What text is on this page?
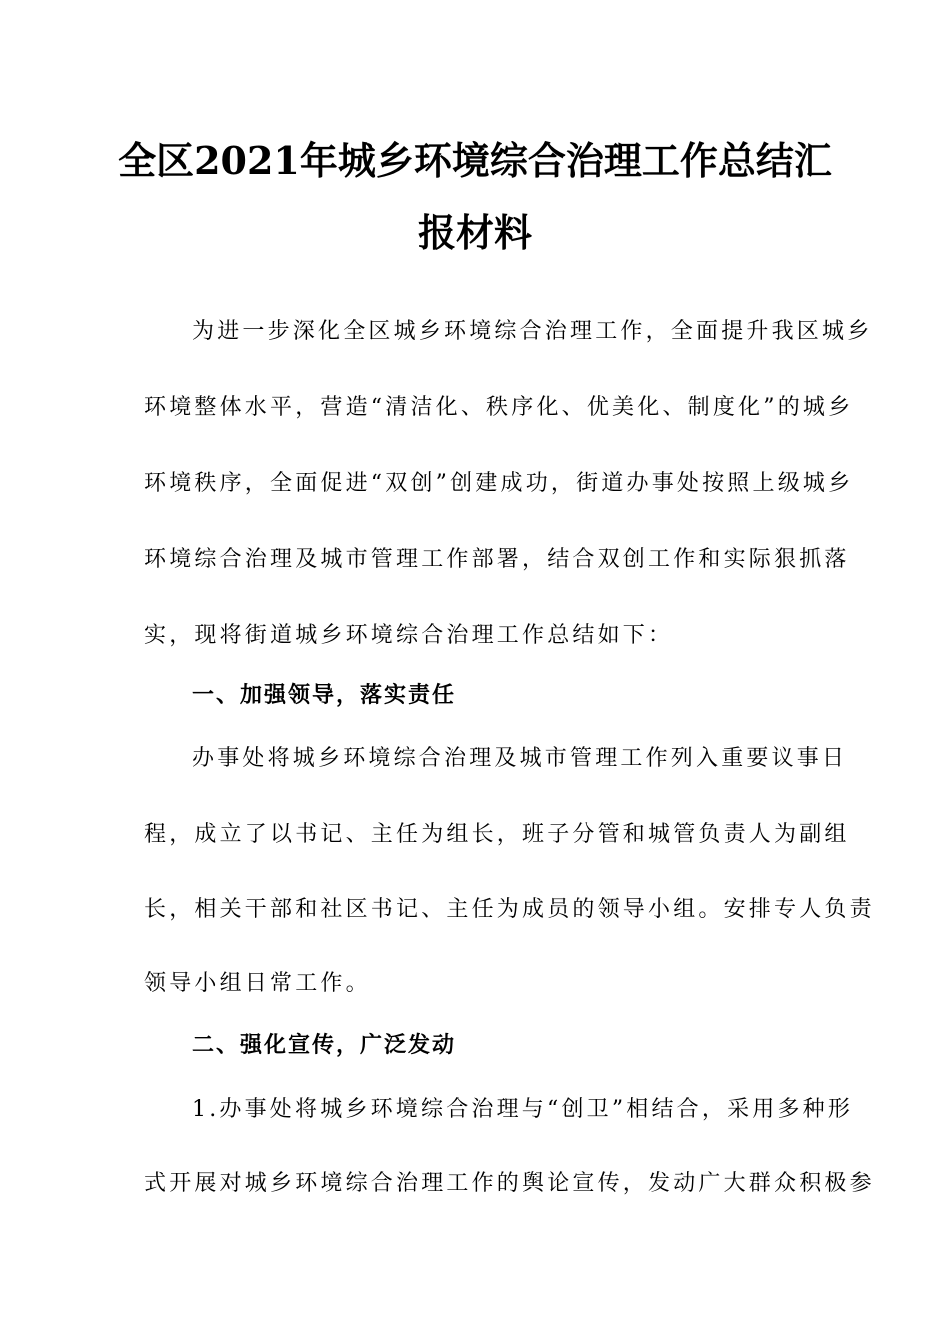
全区2021年城乡环境综合治理工作总结汇
报材料
为进一步深化全区城乡环境综合治理工作，全面提升我区城乡
环境整体水平，营造“清洁化、秩序化、优美化、制度化”的城乡
环境秩序，全面促进“双创”创建成功，街道办事处按照上级城乡
环境综合治理及城市管理工作部署，结合双创工作和实际狠抓落
实，现将街道城乡环境综合治理工作总结如下：
一、加强领导，落实责任
办事处将城乡环境综合治理及城市管理工作列入重要议事日
程，成立了以书记、主任为组长，班子分管和城管负责人为副组
长，相关干部和社区书记、主任为成员的领导小组。安排专人负责
领导小组日常工作。
二、强化宣传，广泛发动
1.办事处将城乡环境综合治理与“创卫”相结合，采用多种形
式开展对城乡环境综合治理工作的舆论宣传，发动广大群众积极参
